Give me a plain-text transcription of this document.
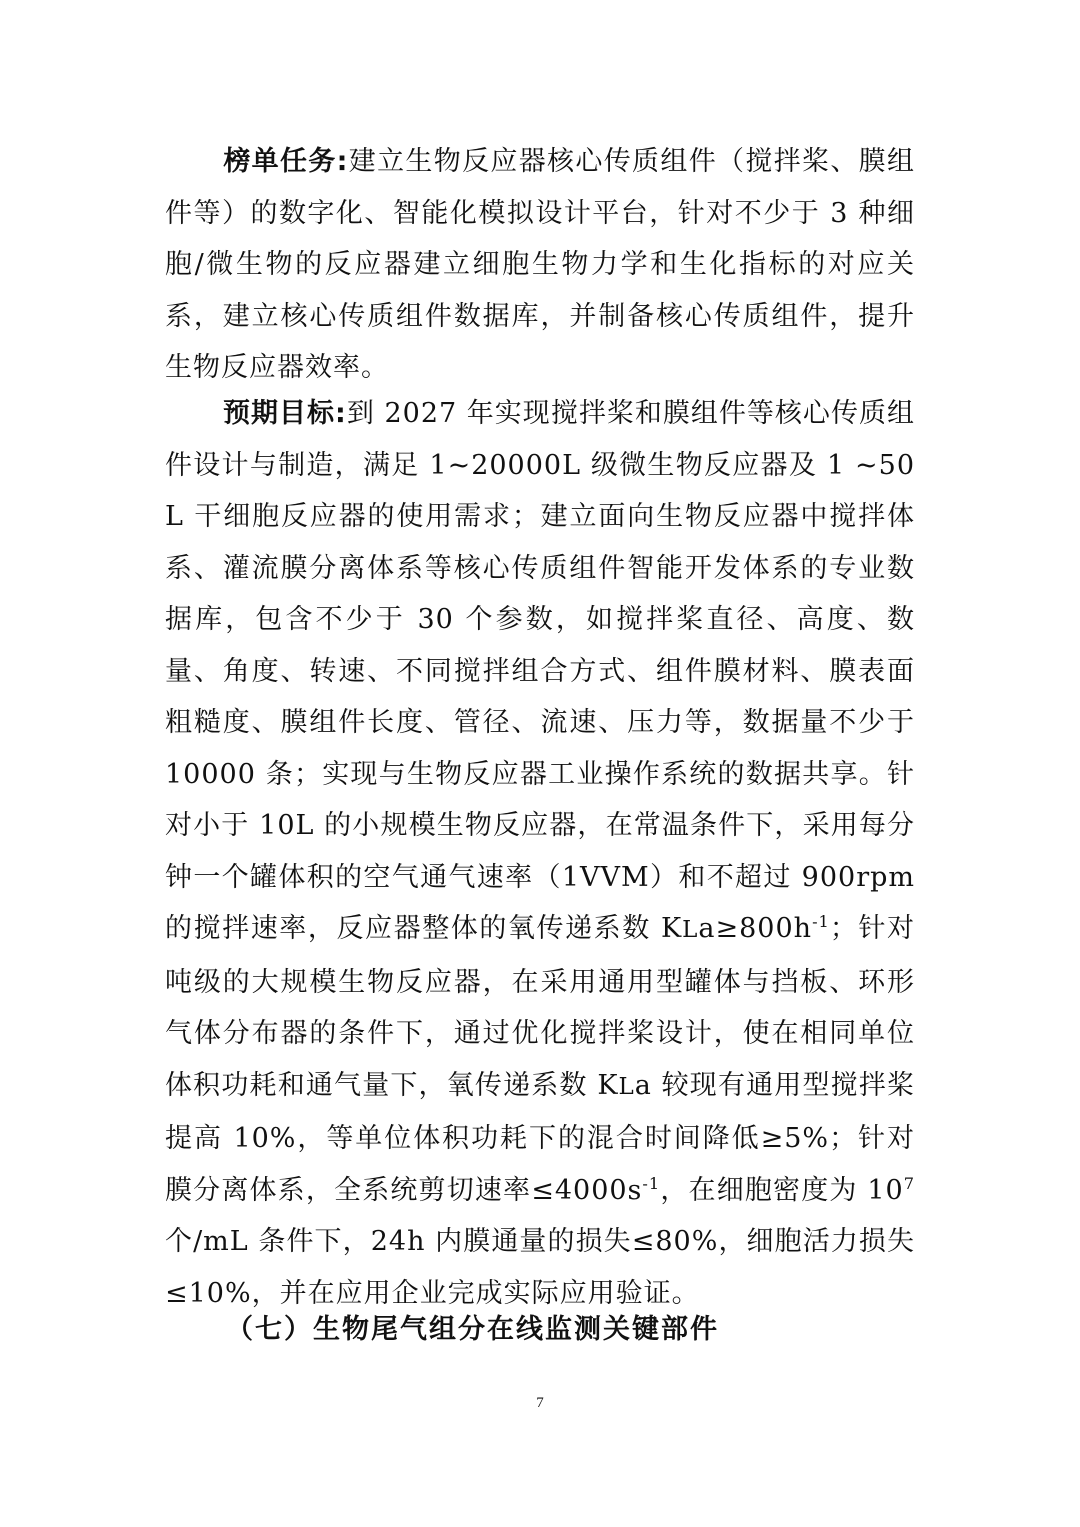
榜单任务:建立生物反应器核心传质组件（搅拌桨、膜组件等）的数字化、智能化模拟设计平台，针对不少于 3 种细胞/微生物的反应器建立细胞生物力学和生化指标的对应关系，建立核心传质组件数据库，并制备核心传质组件，提升生物反应器效率。

预期目标:到 2027 年实现搅拌桨和膜组件等核心传质组件设计与制造，满足 1~20000L 级微生物反应器及 1 ~50 L 干细胞反应器的使用需求；建立面向生物反应器中搅拌体系、灌流膜分离体系等核心传质组件智能开发体系的专业数据库，包含不少于 30 个参数，如搅拌桨直径、高度、数量、角度、转速、不同搅拌组合方式、组件膜材料、膜表面粗糙度、膜组件长度、管径、流速、压力等，数据量不少于 10000 条；实现与生物反应器工业操作系统的数据共享。针对小于 10L 的小规模生物反应器，在常温条件下，采用每分钟一个罐体积的空气通气速率（1VVM）和不超过 900rpm 的搅拌速率，反应器整体的氧传递系数 $KLa\ge 800h^{-1}$；针对吨级的大规模生物反应器，在采用通用型罐体与挡板、环形气体分布器的条件下，通过优化搅拌桨设计，使在相同单位体积功耗和通气量下，氧传递系数 KLa 较现有通用型搅拌桨提高 10%，等单位体积功耗下的混合时间降低≥5%；针对膜分离体系，全系统剪切速率$\le 4000s^{-1}$，在细胞密度为 $10^7$ 个/mL 条件下，24h 内膜通量的损失≤80%，细胞活力损失≤10%，并在应用企业完成实际应用验证。

（七）生物尾气组分在线监测关键部件

7
